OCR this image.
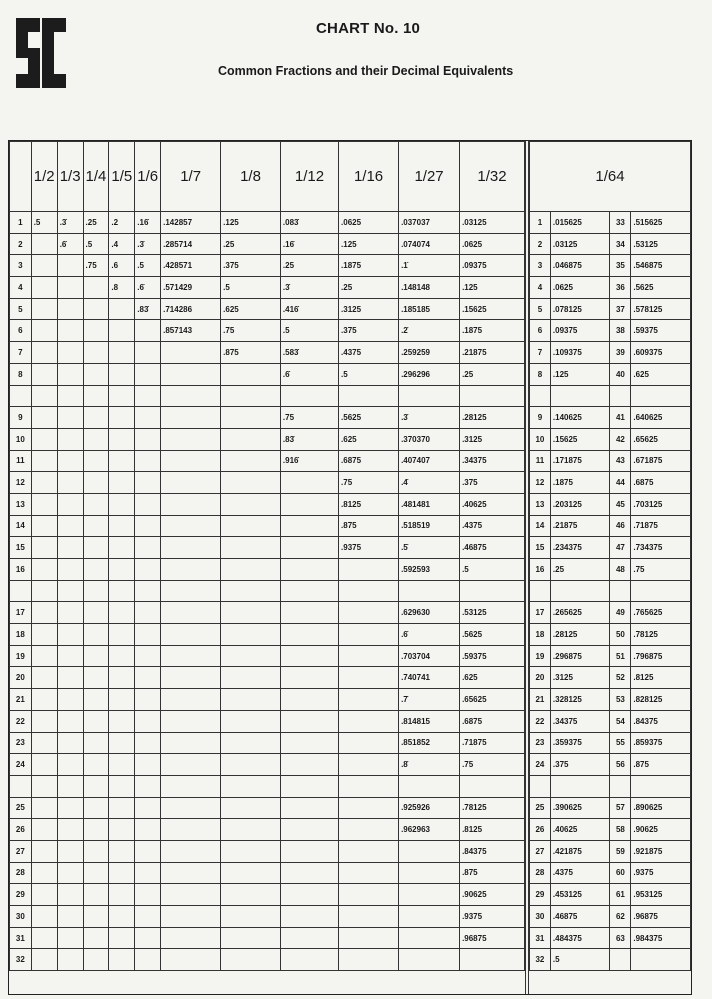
CHART No. 10
Common Fractions and their Decimal Equivalents
	1/2	1/3	1/4	1/5	1/6	1/7	1/8	1/12	1/16	1/27	1/32
1	.5	.3̇	.25	.2	.16̇	.142857	.125	.083̇	.0625	.037037	.03125
2		.6̇	.5	.4	.3̇	.285714	.25	.16̇	.125	.074074	.0625
3			.75	.6	.5	.428571	.375	.25	.1875	.1̇	.09375
4				.8	.6̇	.571429	.5	.3̇	.25	.148148	.125
5					.83̇	.714286	.625	.416̇	.3125	.185185	.15625
6						.857143	.75	.5	.375	.2̇	.1875
7							.875	.583̇	.4375	.259259	.21875
8								.6̇	.5	.296296	.25

9								.75	.5625	.3̇	.28125
10								.83̇	.625	.370370	.3125
11								.916̇	.6875	.407407	.34375
12									.75	.4̇	.375
13									.8125	.481481	.40625
14									.875	.518519	.4375
15									.9375	.5̇	.46875
16										.592593	.5

17										.629630	.53125
18										.6̇	.5625
19										.703704	.59375
20										.740741	.625
21										.7̇	.65625
22										.814815	.6875
23										.851852	.71875
24										.8̇	.75

25										.925926	.78125
26										.962963	.8125
27											.84375
28											.875
29											.90625
30											.9375
31											.96875
32											
1/64			
1	.015625	33	.515625
2	.03125	34	.53125
3	.046875	35	.546875
4	.0625	36	.5625
5	.078125	37	.578125
6	.09375	38	.59375
7	.109375	39	.609375
8	.125	40	.625

9	.140625	41	.640625
10	.15625	42	.65625
11	.171875	43	.671875
12	.1875	44	.6875
13	.203125	45	.703125
14	.21875	46	.71875
15	.234375	47	.734375
16	.25	48	.75

17	.265625	49	.765625
18	.28125	50	.78125
19	.296875	51	.796875
20	.3125	52	.8125
21	.328125	53	.828125
22	.34375	54	.84375
23	.359375	55	.859375
24	.375	56	.875

25	.390625	57	.890625
26	.40625	58	.90625
27	.421875	59	.921875
28	.4375	60	.9375
29	.453125	61	.953125
30	.46875	62	.96875
31	.484375	63	.984375
32	.5		
